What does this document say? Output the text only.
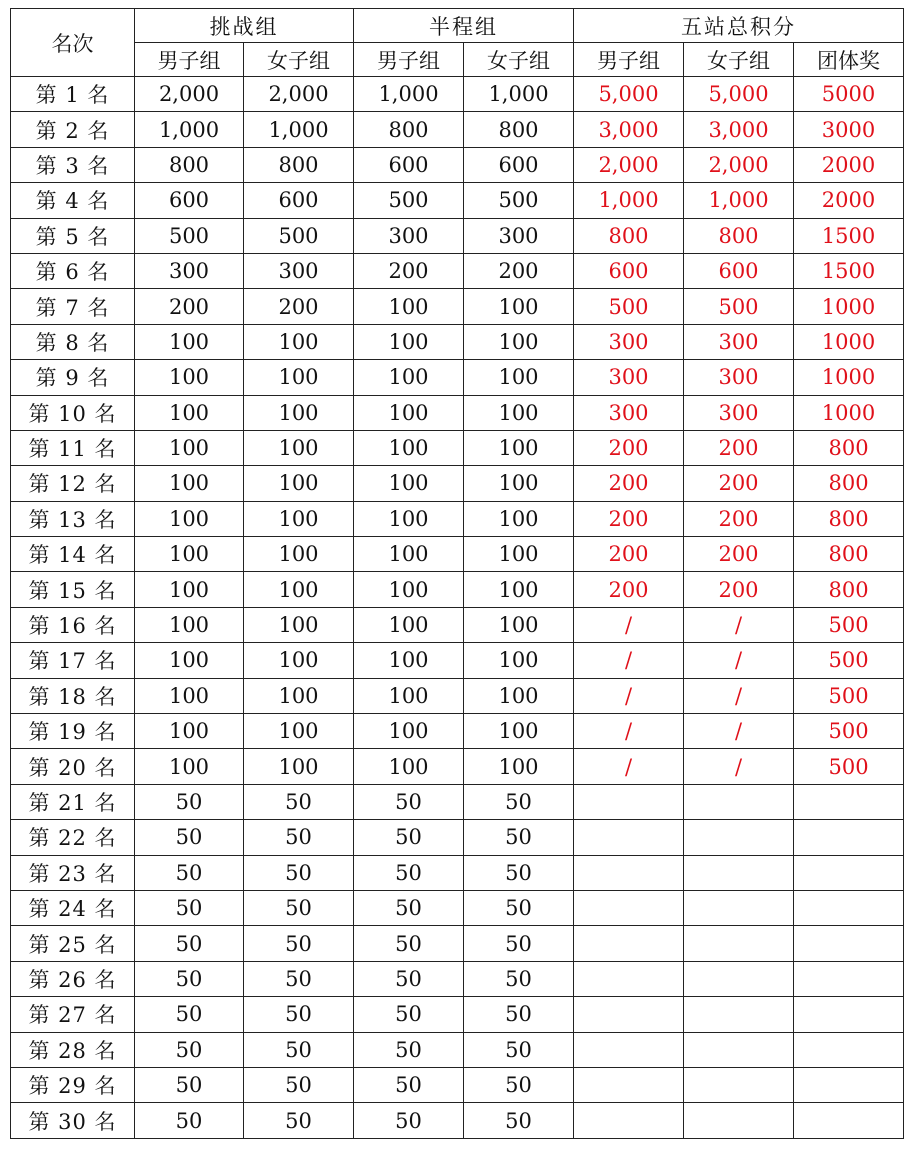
名次	挑战组		半程组		五站总积分		
	男子组	女子组	男子组	女子组	男子组	女子组	团体奖
第 1 名	2,000	2,000	1,000	1,000	5,000	5,000	5000
第 2 名	1,000	1,000	800	800	3,000	3,000	3000
第 3 名	800	800	600	600	2,000	2,000	2000
第 4 名	600	600	500	500	1,000	1,000	2000
第 5 名	500	500	300	300	800	800	1500
第 6 名	300	300	200	200	600	600	1500
第 7 名	200	200	100	100	500	500	1000
第 8 名	100	100	100	100	300	300	1000
第 9 名	100	100	100	100	300	300	1000
第 10 名	100	100	100	100	300	300	1000
第 11 名	100	100	100	100	200	200	800
第 12 名	100	100	100	100	200	200	800
第 13 名	100	100	100	100	200	200	800
第 14 名	100	100	100	100	200	200	800
第 15 名	100	100	100	100	200	200	800
第 16 名	100	100	100	100	/	/	500
第 17 名	100	100	100	100	/	/	500
第 18 名	100	100	100	100	/	/	500
第 19 名	100	100	100	100	/	/	500
第 20 名	100	100	100	100	/	/	500
第 21 名	50	50	50	50			
第 22 名	50	50	50	50			
第 23 名	50	50	50	50			
第 24 名	50	50	50	50			
第 25 名	50	50	50	50			
第 26 名	50	50	50	50			
第 27 名	50	50	50	50			
第 28 名	50	50	50	50			
第 29 名	50	50	50	50			
第 30 名	50	50	50	50			
